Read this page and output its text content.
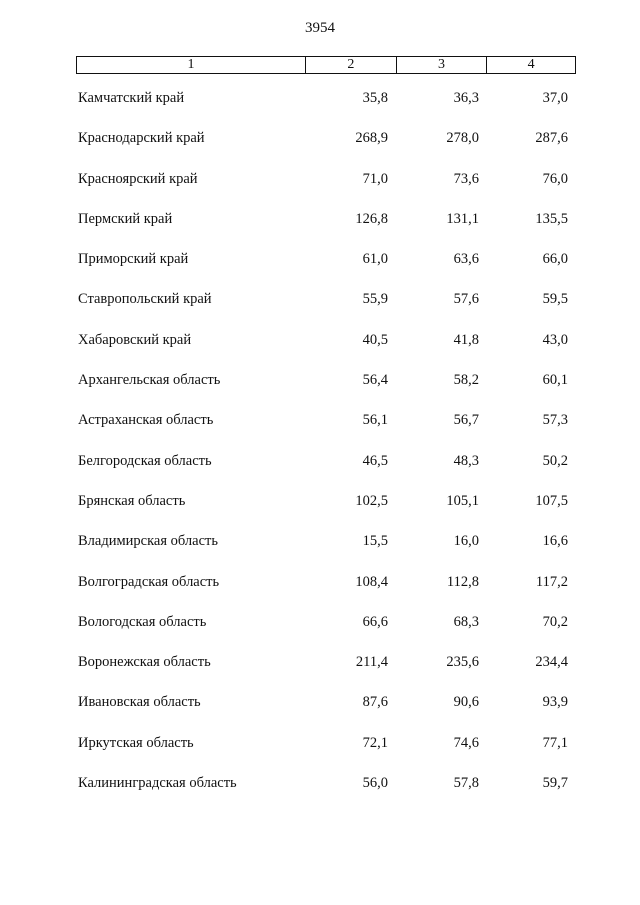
3954
1	2	3	4
Камчатский край	35,8	36,3	37,0
Краснодарский край	268,9	278,0	287,6
Красноярский край	71,0	73,6	76,0
Пермский край	126,8	131,1	135,5
Приморский край	61,0	63,6	66,0
Ставропольский край	55,9	57,6	59,5
Хабаровский край	40,5	41,8	43,0
Архангельская область	56,4	58,2	60,1
Астраханская область	56,1	56,7	57,3
Белгородская область	46,5	48,3	50,2
Брянская область	102,5	105,1	107,5
Владимирская область	15,5	16,0	16,6
Волгоградская область	108,4	112,8	117,2
Вологодская область	66,6	68,3	70,2
Воронежская область	211,4	235,6	234,4
Ивановская область	87,6	90,6	93,9
Иркутская область	72,1	74,6	77,1
Калининградская область	56,0	57,8	59,7
